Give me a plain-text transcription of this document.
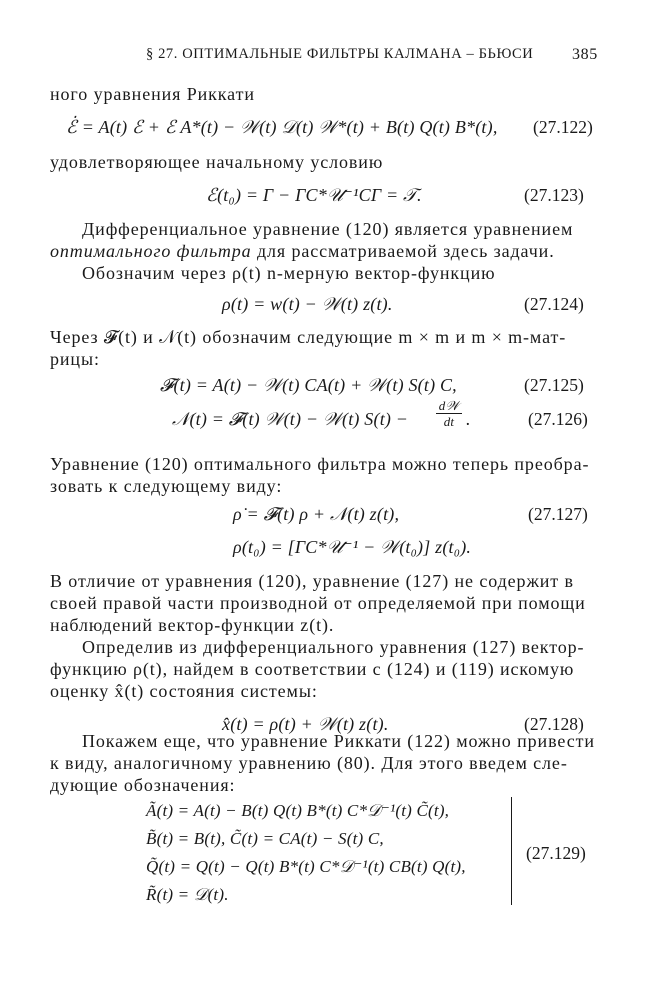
§ 27. ОПТИМАЛЬНЫЕ ФИЛЬТРЫ КАЛМАНА – БЬЮСИ 385
ного уравнения Риккати
ℰ̇ = A(t) ℰ + ℰ A*(t) − 𝒲(t) 𝒟(t) 𝒲*(t) + B(t) Q(t) B*(t), (27.122)
удовлетворяющее начальному условию
ℰ(t₀) = Γ − ΓC*𝒰⁻¹CΓ = 𝒯.	(27.123)
Дифференциальное уравнение (120) является уравнением
оптимального фильтра для рассматриваемой здесь задачи.
Обозначим через ρ(t) n-мерную вектор-функцию
ρ(t) = w(t) − 𝒲(t) z(t).	(27.124)
Через 𝓕(t) и 𝒩(t) обозначим следующие m × m и m × m-мат-
рицы:
𝓕(t) = A(t) − 𝒲(t) CA(t) + 𝒲(t) S(t) C,	(27.125)
𝒩(t) = 𝓕(t) 𝒲(t) − 𝒲(t) S(t) −
d𝒲
dt .	(27.126)
Уравнение (120) оптимального фильтра можно теперь преобра-
зовать к следующему виду:
ρ̇ = 𝓕(t) ρ + 𝒩(t) z(t),	(27.127)
ρ(t₀) = [ΓC*𝒰⁻¹ − 𝒲(t₀)] z(t₀).
В отличие от уравнения (120), уравнение (127) не содержит в
своей правой части производной от определяемой при помощи
наблюдений вектор-функции z(t).
Определив из дифференциального уравнения (127) вектор-
функцию ρ(t), найдем в соответствии с (124) и (119) искомую
оценку x̂(t) состояния системы:
x̂(t) = ρ(t) + 𝒲(t) z(t).	(27.128)
Покажем еще, что уравнение Риккати (122) можно привести
к виду, аналогичному уравнению (80). Для этого введем сле-
дующие обозначения:
Ã(t) = A(t) − B(t) Q(t) B*(t) C*𝒟⁻¹(t) C̃(t),
B̃(t) = B(t), C̃(t) = CA(t) − S(t) C,
Q̃(t) = Q(t) − Q(t) B*(t) C*𝒟⁻¹(t) CB(t) Q(t),
R̃(t) = 𝒟(t).
(27.129)
